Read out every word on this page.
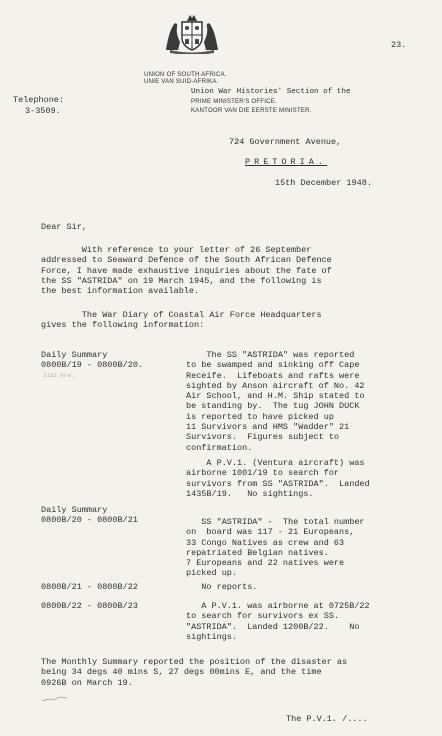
23.
UNION OF SOUTH AFRICA.
UNIE VAN SUID-AFRIKA.
Union War Histories' Section of the
PRIME MINISTER'S OFFICE.
KANTOOR VAN DIE EERSTE MINISTER.
Telephone:
3-3509.
724 Government Avenue,
PRETORIA.
15th December 1948.
Dear Sir,
With reference to your letter of 26 September
addressed to Seaward Defence of the South African Defence
Force, I have made exhaustive inquiries about the fate of
the SS "ASTRIDA" on 19 March 1945, and the following is
the best information available.
The War Diary of Coastal Air Force Headquarters
gives the following information:
Daily Summary
0800B/19 - 0800B/20.
2125 hrs.
The SS "ASTRIDA" was reported
to be swamped and sinking off Cape
Receife.  Lifeboats and rafts were
sighted by Anson aircraft of No. 42
Air School, and H.M. Ship stated to
be standing by.  The tug JOHN DUCK
is reported to have picked up
11 Survivors and HMS "Wadder" 21
Survivors.  Figures subject to
confirmation.
A P.V.1. (Ventura aircraft) was
airborne 1001/19 to search for
survivors from SS "ASTRIDA".  Landed
1435B/19.   No sightings.
Daily Summary
0800B/20 - 0800B/21	SS "ASTRIDA" -  The total number
on  board was 117 - 21 Europeans,
33 Congo Natives as crew and 63
repatriated Belgian natives.
7 Europeans and 22 natives were
picked up.
0800B/21 - 0800B/22	No reports.
0800B/22 - 0800B/23	A P.V.1. was airborne at 0725B/22
to search for survivors ex SS.
"ASTRIDA".  Landed 1200B/22.    No
sightings.
The Monthly Summary reported the position of the disaster as
being 34 degs 40 mins S, 27 degs 00mins E, and the time
0926B on March 19.
The P.V.1. /....
